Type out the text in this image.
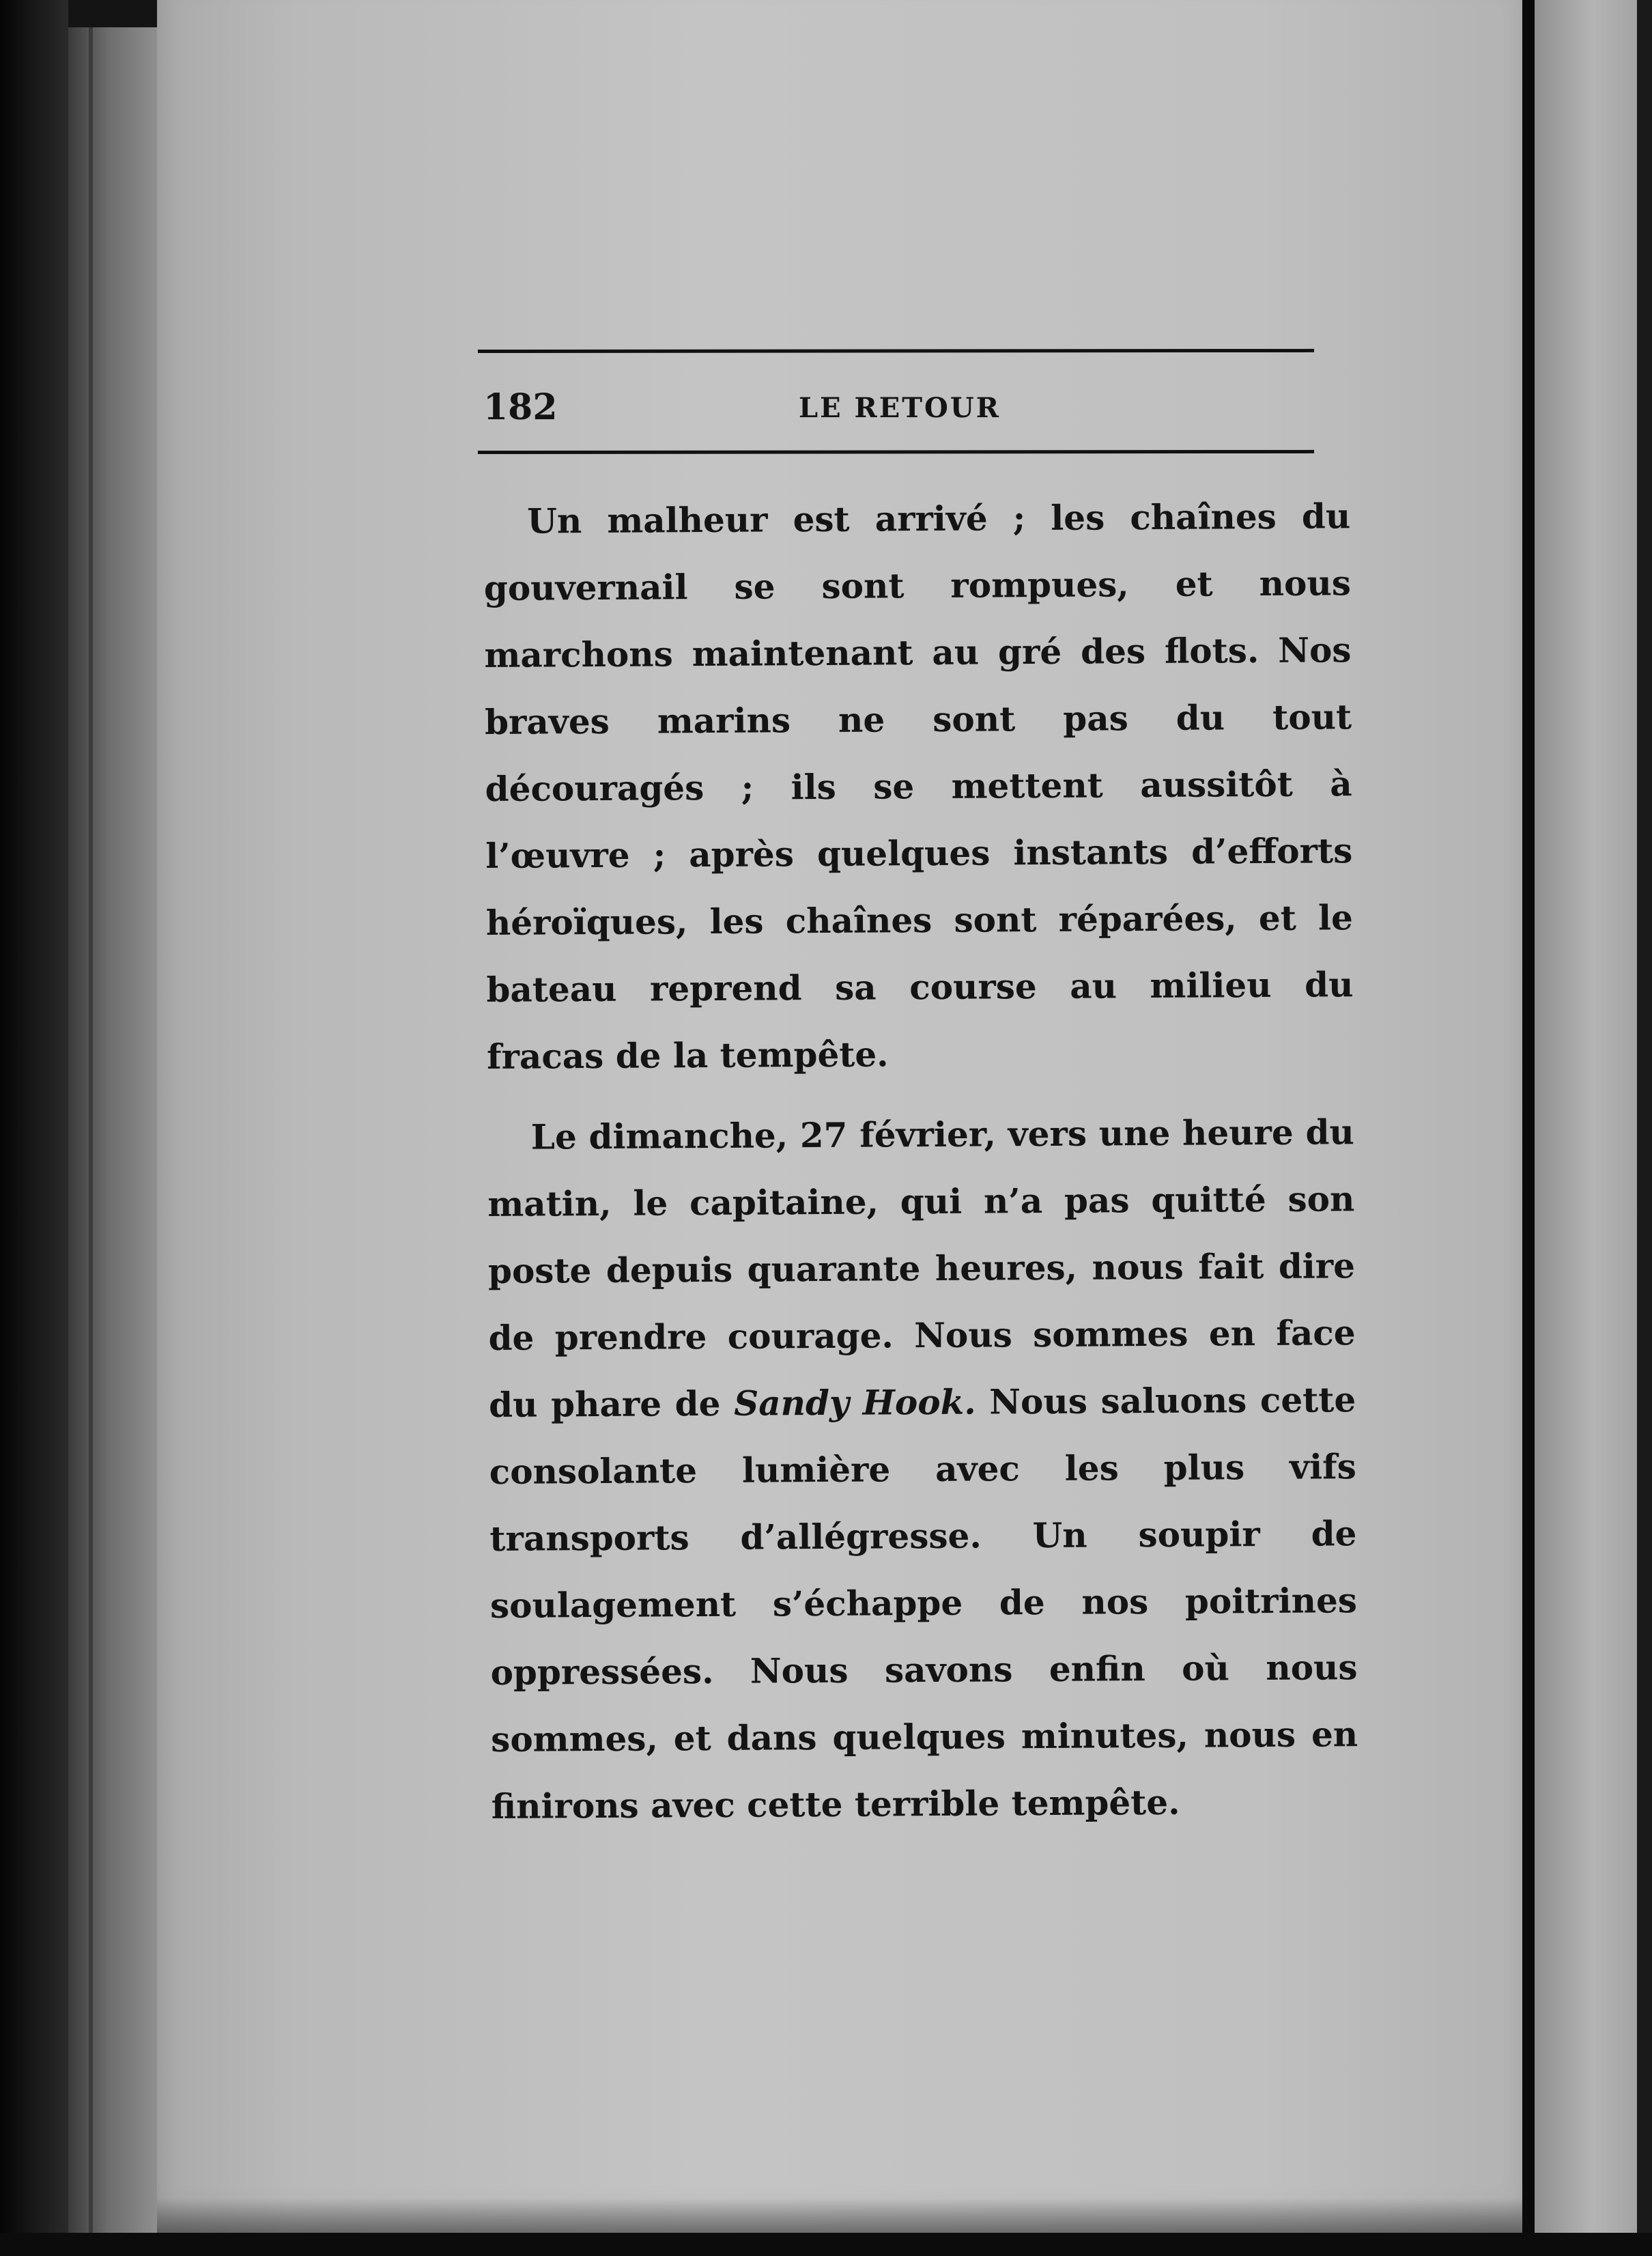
182	LE RETOUR

Un malheur est arrivé ; les chaînes du gouvernail se sont rompues, et nous marchons maintenant au gré des flots. Nos braves marins ne sont pas du tout découragés ; ils se mettent aussitôt à l’œuvre ; après quelques instants d’efforts héroïques, les chaînes sont réparées, et le bateau reprend sa course au milieu du fracas de la tempête.

Le dimanche, 27 février, vers une heure du matin, le capitaine, qui n’a pas quitté son poste depuis quarante heures, nous fait dire de prendre courage. Nous sommes en face du phare de Sandy Hook. Nous saluons cette consolante lumière avec les plus vifs transports d’allégresse. Un soupir de soulagement s’échappe de nos poitrines oppressées. Nous savons enfin où nous sommes, et dans quelques minutes, nous en finirons avec cette terrible tempête.
